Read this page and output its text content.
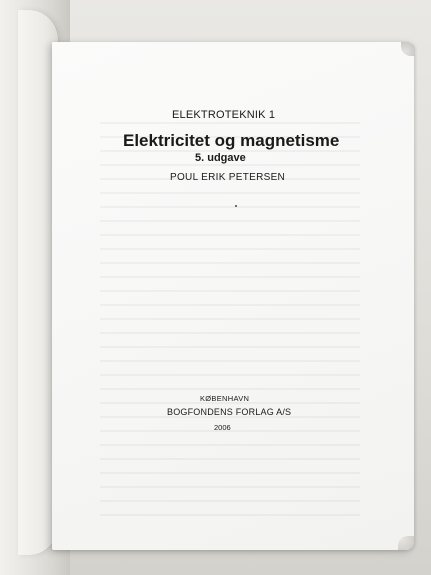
ELEKTROTEKNIK 1
Elektricitet og magnetisme
5. udgave
POUL ERIK PETERSEN
KØBENHAVN
BOGFONDENS FORLAG A/S
2006
